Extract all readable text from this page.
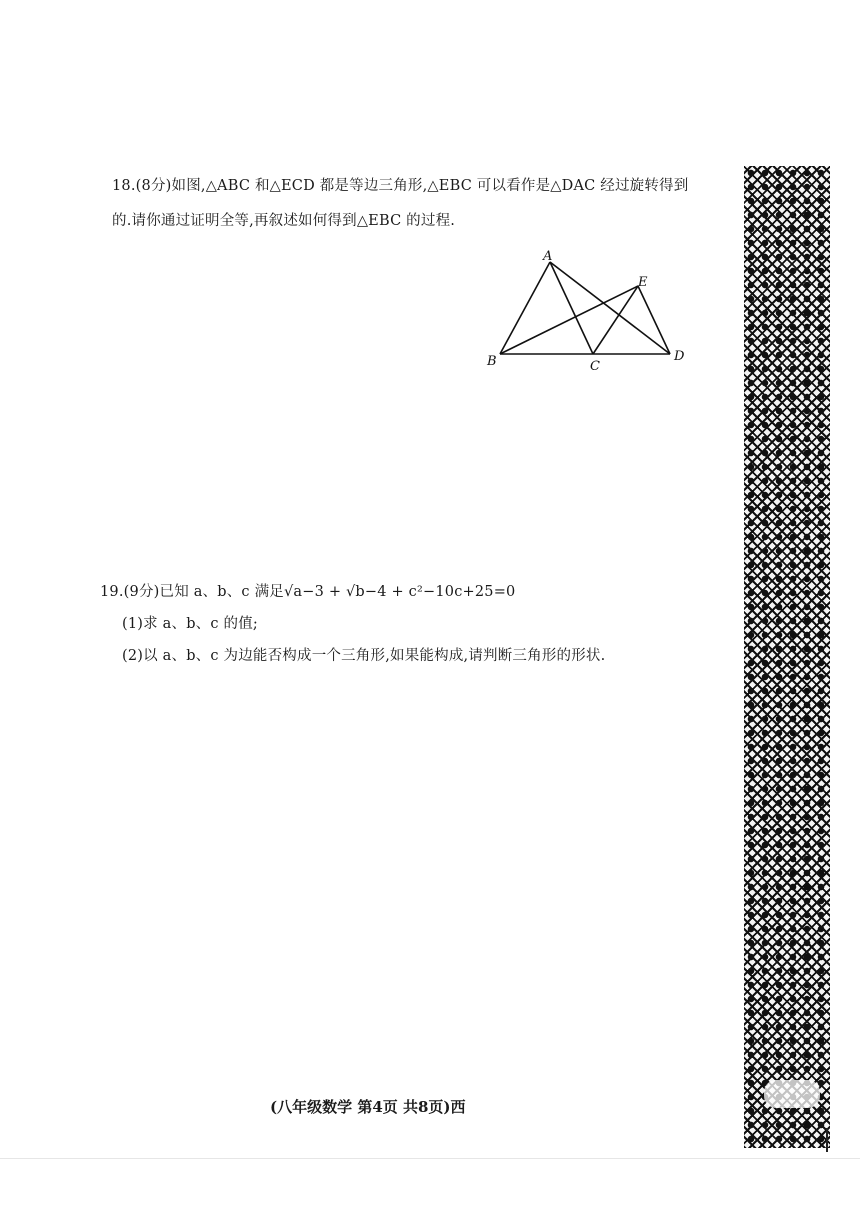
18.(8分)如图,△ABC 和△ECD 都是等边三角形,△EBC 可以看作是△DAC 经过旋转得到
的.请你通过证明全等,再叙述如何得到△EBC 的过程.
A
E
B	C
D
19.(9分)已知 a、b、c 满足√a−3 + √b−4 + c²−10c+25=0
(1)求 a、b、c 的值;
(2)以 a、b、c 为边能否构成一个三角形,如果能构成,请判断三角形的形状.
(八年级数学 第4页 共8页)西
